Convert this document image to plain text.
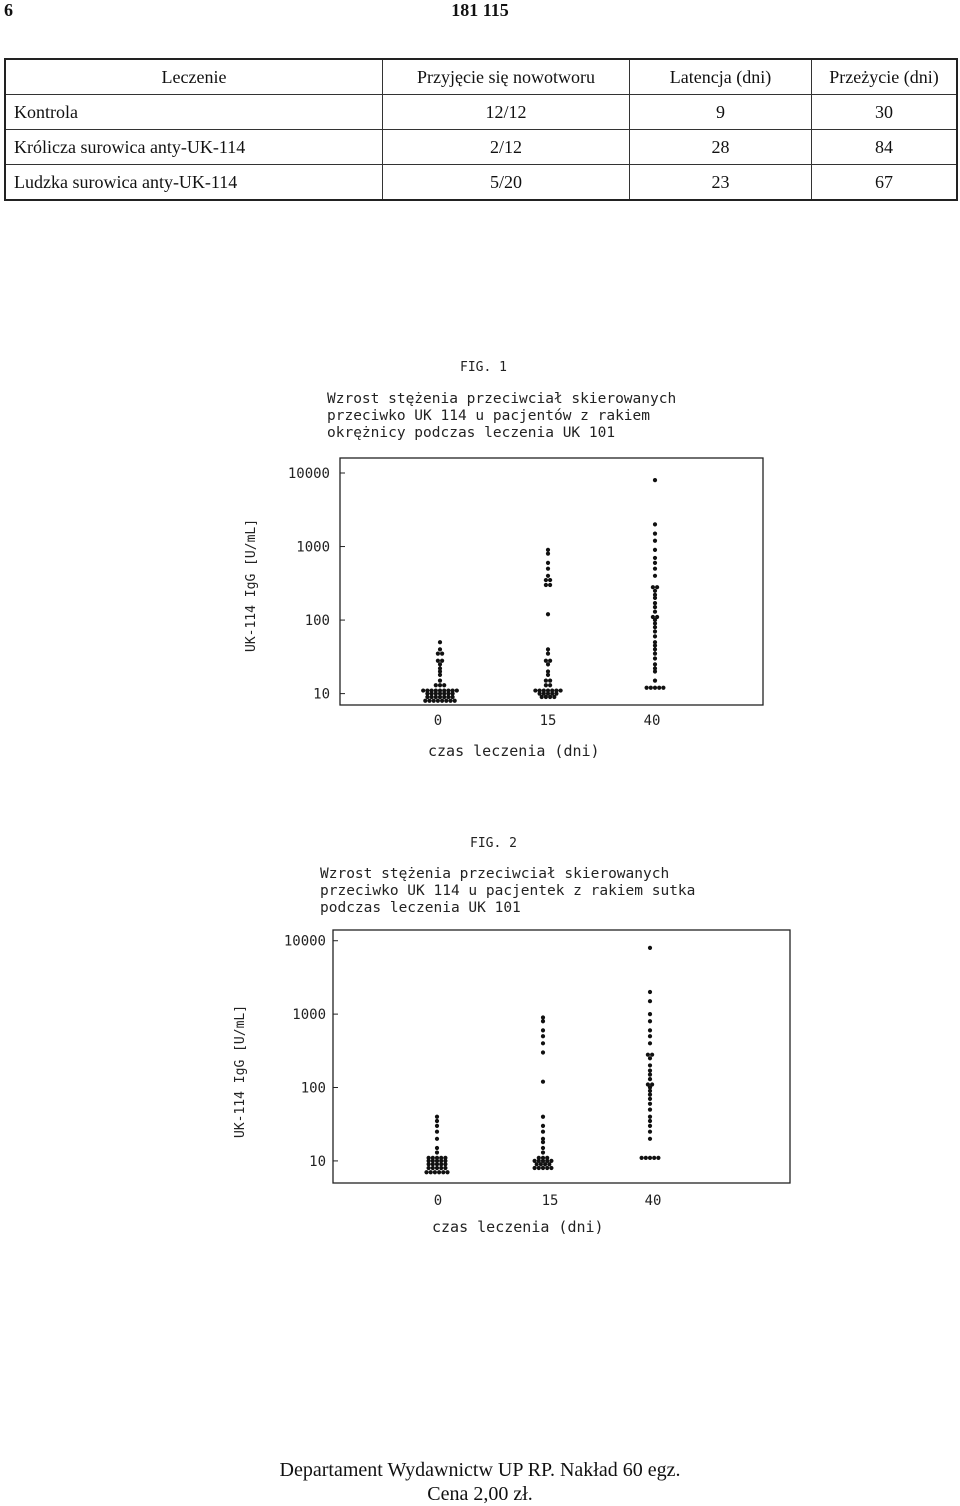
6	181 115
Leczenie	Przyjęcie się nowotworu	Latencja (dni)	Przeżycie (dni)
Kontrola	12/12	9	30
Królicza surowica anty-UK-114	2/12	28	84
Ludzka surowica anty-UK-114	5/20	23	67
FIG. 1
Wzrost stężenia przeciwciał skierowanych
przeciwko UK 114 u pacjentów z rakiem
okrężnicy podczas leczenia UK 101
UK-114 IgG [U/mL]
czas leczenia (dni)
FIG. 2
Wzrost stężenia przeciwciał skierowanych
przeciwko UK 114 u pacjentek z rakiem sutka
podczas leczenia UK 101
UK-114 IgG [U/mL]
czas leczenia (dni)
10
100
1000
10000
0	15	40
10
100
1000
10000
0	15	40
Departament Wydawnictw UP RP. Nakład 60 egz.
Cena 2,00 zł.
